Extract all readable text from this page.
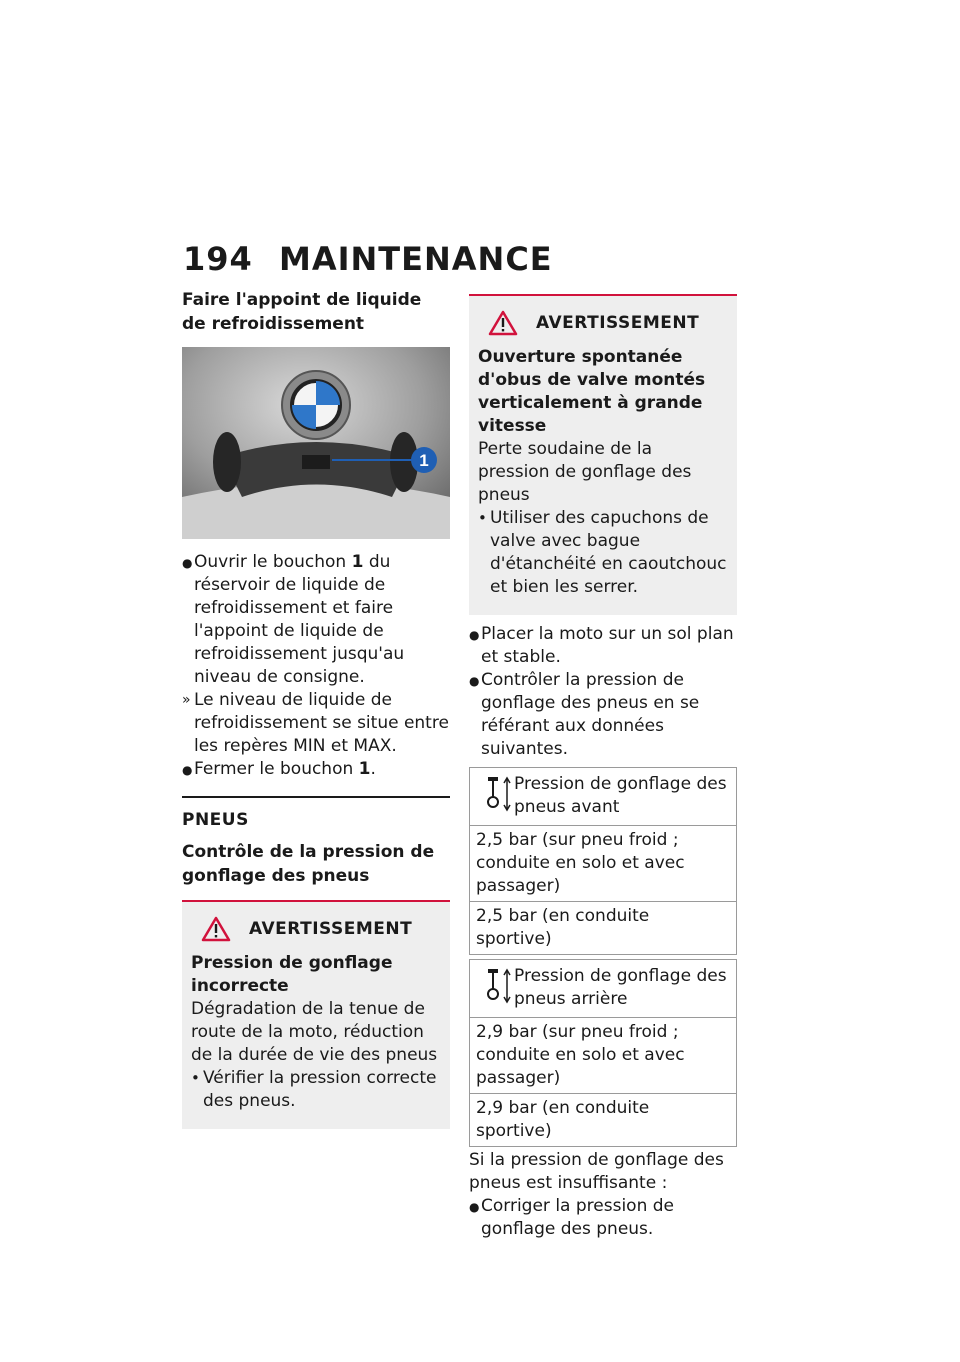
194 MAINTENANCE
Faire l'appoint de liquide de refroidissement
1
● Ouvrir le bouchon 1 du réservoir de liquide de refroidissement et faire l'appoint de liquide de refroidissement jusqu'au niveau de consigne.
» Le niveau de liquide de refroidissement se situe entre les repères MIN et MAX.
● Fermer le bouchon 1.
PNEUS
Contrôle de la pression de gonflage des pneus
AVERTISSEMENT
Pression de gonflage incorrecte

Dégradation de la tenue de route de la moto, réduction de la durée de vie des pneus

• Vérifier la pression correcte des pneus.
AVERTISSEMENT
Ouverture spontanée d'obus de valve montés verticalement à grande vitesse

Perte soudaine de la pression de gonflage des pneus

• Utiliser des capuchons de valve avec bague d'étanchéité en caoutchouc et bien les serrer.
● Placer la moto sur un sol plan et stable.
● Contrôler la pression de gonflage des pneus en se référant aux données suivantes.
Pression de gonflage des pneus avant
2,5 bar (sur pneu froid ; conduite en solo et avec passager)
2,5 bar (en conduite sportive)
Pression de gonflage des pneus arrière
2,9 bar (sur pneu froid ; conduite en solo et avec passager)
2,9 bar (en conduite sportive)

Si la pression de gonflage des pneus est insuffisante :

● Corriger la pression de gonflage des pneus.
